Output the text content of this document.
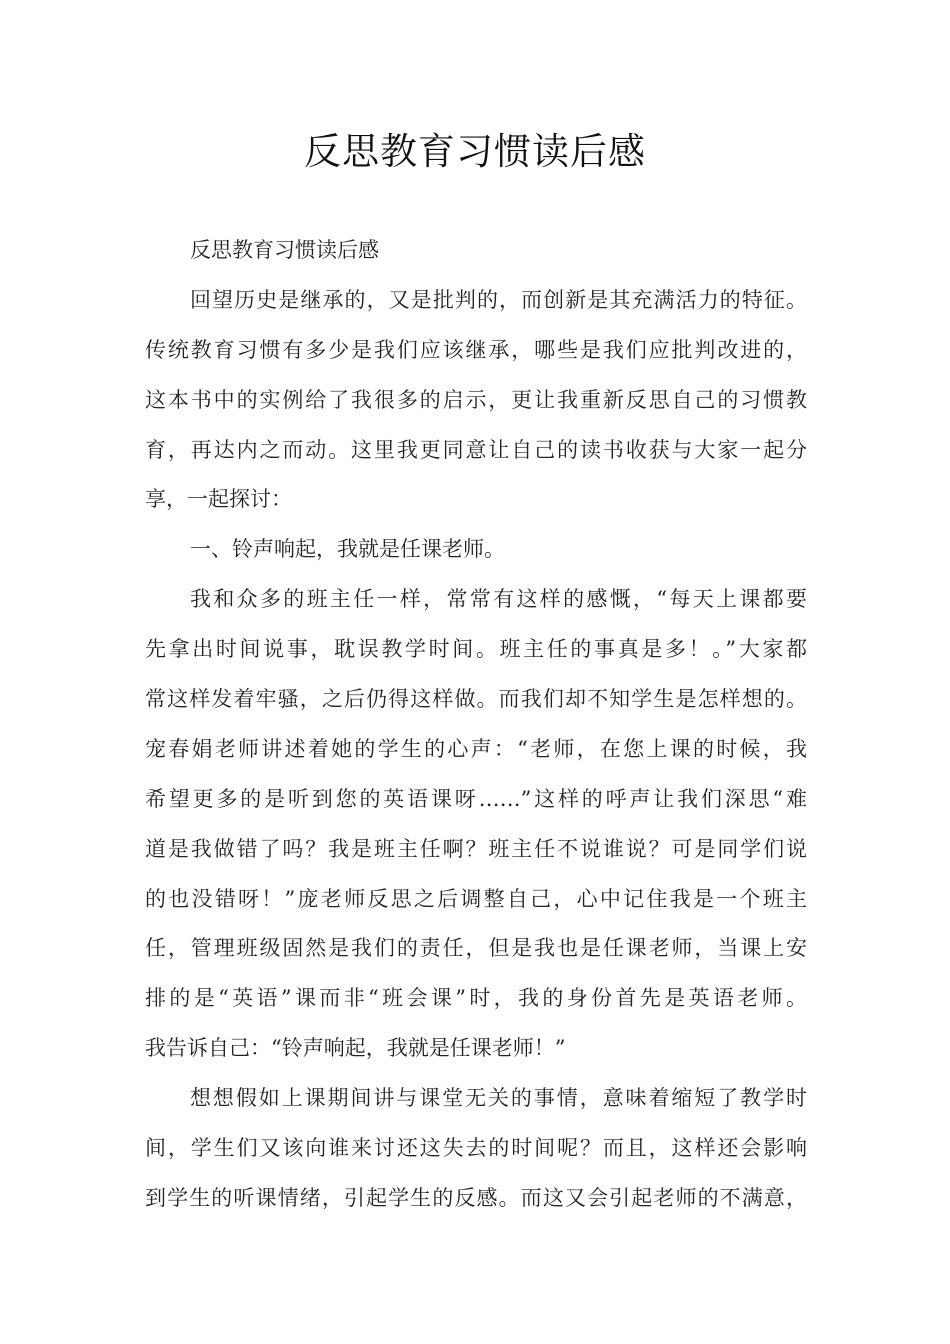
反思教育习惯读后感
反思教育习惯读后感
回望历史是继承的，又是批判的，而创新是其充满活力的特征。
传统教育习惯有多少是我们应该继承，哪些是我们应批判改进的，
这本书中的实例给了我很多的启示，更让我重新反思自己的习惯教
育，再达内之而动。这里我更同意让自己的读书收获与大家一起分
享，一起探讨：
一、铃声响起，我就是任课老师。
我和众多的班主任一样，常常有这样的感慨，“每天上课都要
先拿出时间说事，耽误教学时间。班主任的事真是多！。”大家都
常这样发着牢骚，之后仍得这样做。而我们却不知学生是怎样想的。
宠春娟老师讲述着她的学生的心声：“老师，在您上课的时候，我
希望更多的是听到您的英语课呀……”这样的呼声让我们深思“难
道是我做错了吗？我是班主任啊？班主任不说谁说？可是同学们说
的也没错呀！”庞老师反思之后调整自己，心中记住我是一个班主
任，管理班级固然是我们的责任，但是我也是任课老师，当课上安
排的是“英语”课而非“班会课”时，我的身份首先是英语老师。
我告诉自己：“铃声响起，我就是任课老师！”
想想假如上课期间讲与课堂无关的事情，意味着缩短了教学时
间，学生们又该向谁来讨还这失去的时间呢？而且，这样还会影响
到学生的听课情绪，引起学生的反感。而这又会引起老师的不满意，
